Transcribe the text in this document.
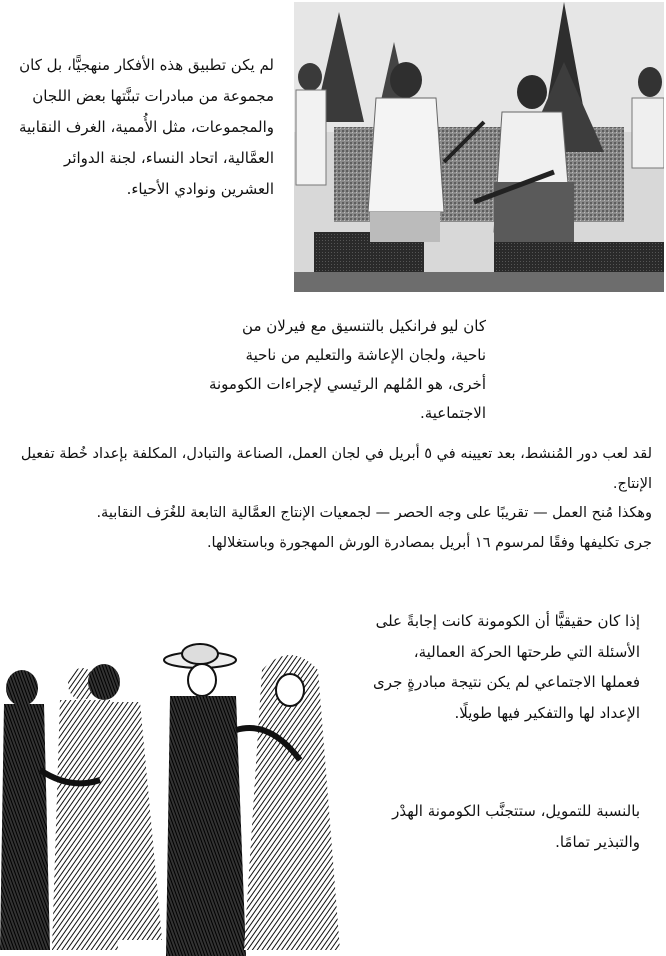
لم يكن تطبيق هذه الأفكار منهجيًّا، بل كان مجموعة من مبادرات تبنَّتها بعض اللجان والمجموعات، مثل الأُممية، الغرف النقابية العمَّالية، اتحاد النساء، لجنة الدوائر العشرين ونوادي الأحياء.

كان ليو فرانكيل بالتنسيق مع فيرلان من ناحية، ولجان الإعاشة والتعليم من ناحية أخرى، هو المُلهم الرئيسي لإجراءات الكومونة الاجتماعية.

لقد لعب دور المُنشط، بعد تعيينه في ٥ أبريل في لجان العمل، الصناعة والتبادل، المكلفة بإعداد خُطة تفعيل الإنتاج.
وهكذا مُنح العمل — تقريبًا على وجه الحصر — لجمعيات الإنتاج العمَّالية التابعة للغُرَف النقابية.
جرى تكليفها وفقًا لمرسوم ١٦ أبريل بمصادرة الورش المهجورة وباستغلالها.

إذا كان حقيقيًّا أن الكومونة كانت إجابةً على الأسئلة التي طرحتها الحركة العمالية، فعملها الاجتماعي لم يكن نتيجة مبادرةٍ جرى الإعداد لها والتفكير فيها طويلًا.

بالنسبة للتمويل، ستتجنَّب الكومونة الهدْر والتبذير تمامًا.
